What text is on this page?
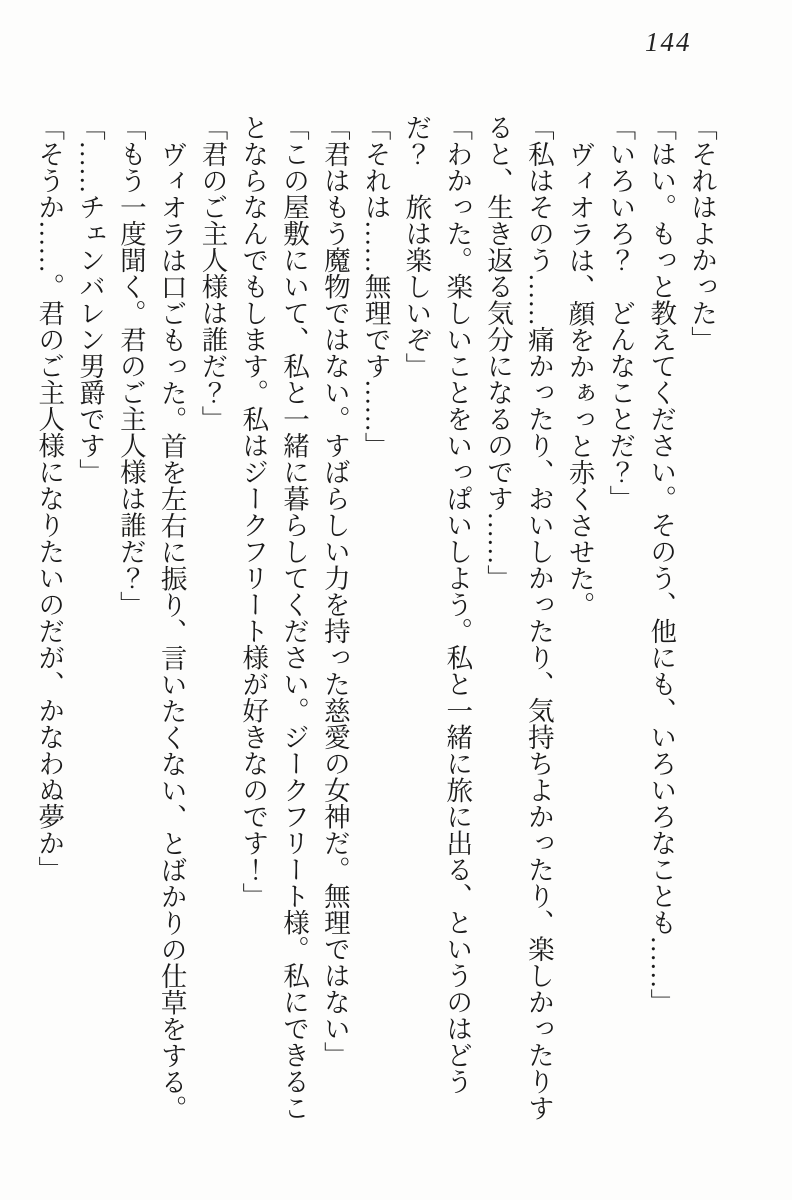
144

「それはよかった」

「はい。もっと教えてください。そのう、他にも、いろいろなことも……」

「いろいろ？　どんなことだ？」

ヴィオラは、顔をかぁっと赤くさせた。

「私はそのう……痛かったり、おいしかったり、気持ちよかったり、楽しかったりす

ると、生き返る気分になるのです……」

「わかった。楽しいことをいっぱいしよう。私と一緒に旅に出る、というのはどう

だ？　旅は楽しいぞ」

「それは……無理です……」

「君はもう魔物ではない。すばらしい力を持った慈愛の女神だ。無理ではない」

「この屋敷にいて、私と一緒に暮らしてください。ジークフリート様。私にできるこ

とならなんでもします。私はジークフリート様が好きなのです！」

「君のご主人様は誰だ？」

ヴィオラは口ごもった。首を左右に振り、言いたくない、とばかりの仕草をする。

「もう一度聞く。君のご主人様は誰だ？」

「……チェンバレン男爵です」

「そうか……。君のご主人様になりたいのだが、かなわぬ夢か」
